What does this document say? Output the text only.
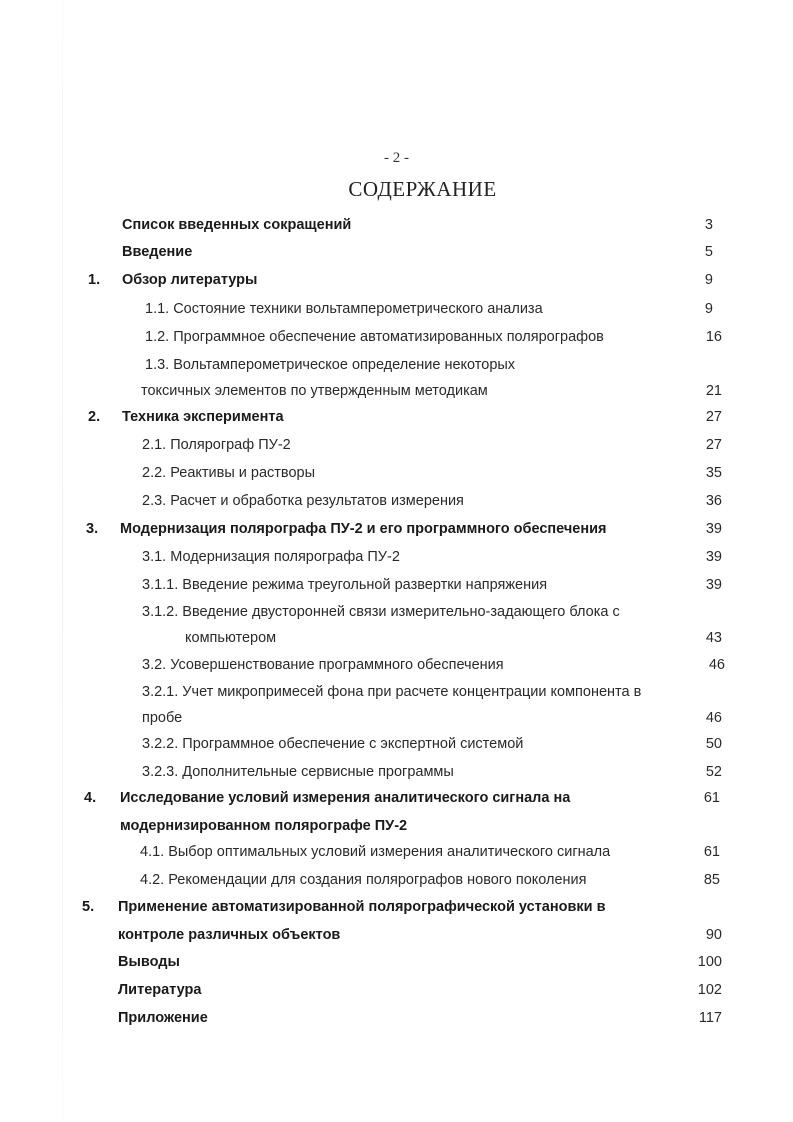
- 2 -
СОДЕРЖАНИЕ
Список введенных сокращений	3
Введение	5
1. Обзор литературы	9
1.1. Состояние техники вольтамперометрического анализа	9
1.2. Программное обеспечение автоматизированных полярографов	16
1.3. Вольтамперометрическое определение некоторых
токсичных элементов по утвержденным методикам	21
2. Техника эксперимента	27
2.1. Полярограф ПУ-2	27
2.2. Реактивы и растворы	35
2.3. Расчет и обработка результатов измерения	36
3. Модернизация полярографа ПУ-2 и его программного обеспечения	39
3.1. Модернизация полярографа ПУ-2	39
3.1.1. Введение режима треугольной развертки напряжения	39
3.1.2. Введение двусторонней связи измерительно-задающего блока с
компьютером	43
3.2. Усовершенствование программного обеспечения	46
3.2.1. Учет микропримесей фона при расчете концентрации компонента в
пробе	46
3.2.2. Программное обеспечение с экспертной системой	50
3.2.3. Дополнительные сервисные программы	52
4. Исследование условий измерения аналитического сигнала на	61
модернизированном полярографе ПУ-2
4.1. Выбор оптимальных условий измерения аналитического сигнала	61
4.2. Рекомендации для создания полярографов нового поколения	85
5. Применение автоматизированной полярографической установки в
контроле различных объектов	90
Выводы	100
Литература	102
Приложение	117
